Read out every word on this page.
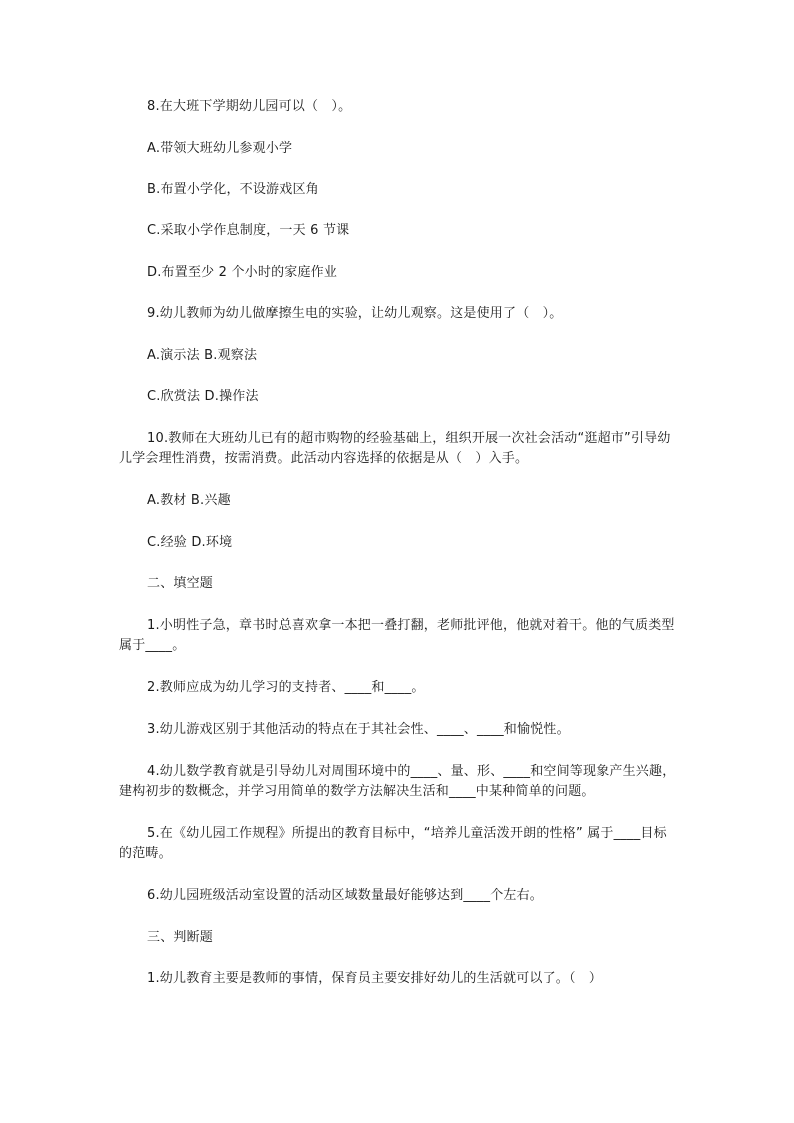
8.在大班下学期幼儿园可以（　）。

A.带领大班幼儿参观小学

B.布置小学化，不设游戏区角

C.采取小学作息制度，一天 6 节课

D.布置至少 2 个小时的家庭作业

9.幼儿教师为幼儿做摩擦生电的实验，让幼儿观察。这是使用了（　）。

A.演示法 B.观察法

C.欣赏法 D.操作法

10.教师在大班幼儿已有的超市购物的经验基础上，组织开展一次社会活动“逛超市”引导幼儿学会理性消费，按需消费。此活动内容选择的依据是从（　）入手。

A.教材 B.兴趣

C.经验 D.环境

二、填空题

1.小明性子急，章书时总喜欢拿一本把一叠打翻，老师批评他，他就对着干。他的气质类型属于____。

2.教师应成为幼儿学习的支持者、____和____。

3.幼儿游戏区别于其他活动的特点在于其社会性、____、____和愉悦性。

4.幼儿数学教育就是引导幼儿对周围环境中的____、量、形、____和空间等现象产生兴趣，建构初步的数概念，并学习用简单的数学方法解决生活和____中某种简单的问题。

5.在《幼儿园工作规程》所提出的教育目标中，“培养儿童活泼开朗的性格” 属于____目标的范畴。

6.幼儿园班级活动室设置的活动区域数量最好能够达到____个左右。

三、判断题

1.幼儿教育主要是教师的事情，保育员主要安排好幼儿的生活就可以了。（　）
